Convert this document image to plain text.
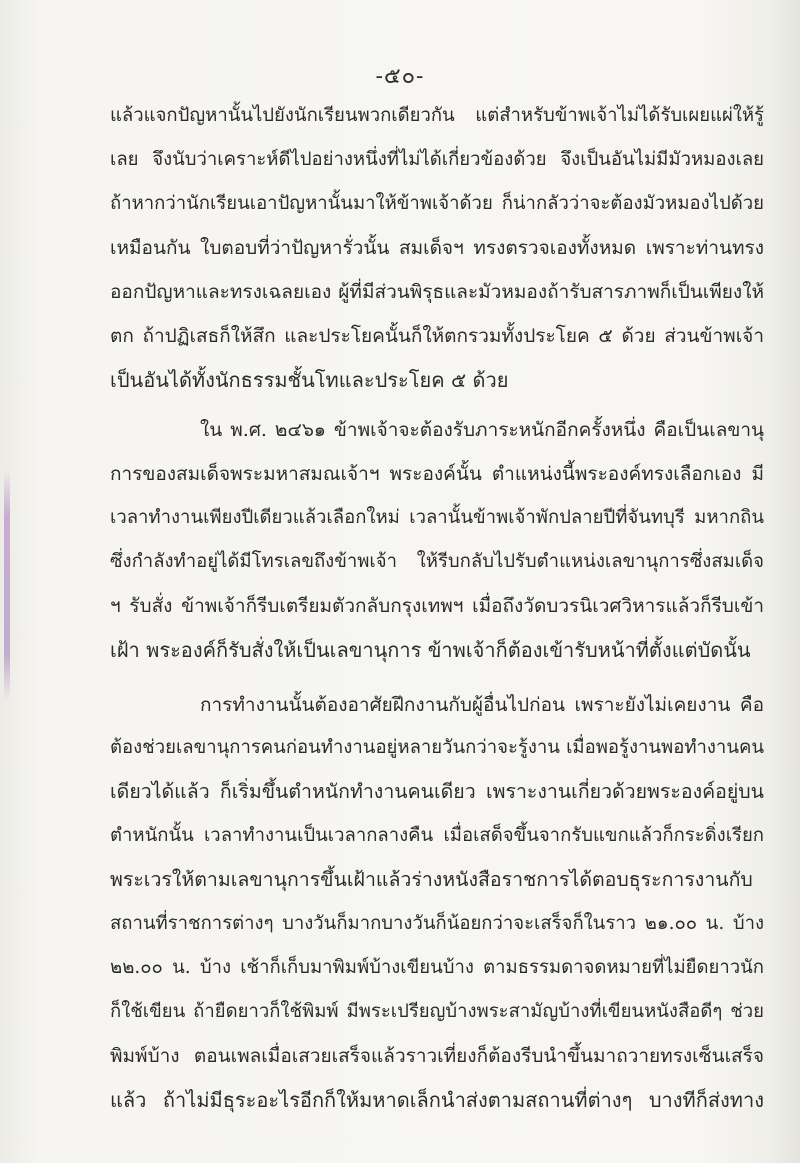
-๕๐-
แล้วแจกปัญหานั้นไปยังนักเรียนพวกเดียวกัน แต่สำหรับข้าพเจ้าไม่ได้รับเผยแผ่ให้รู้
เลย จึงนับว่าเคราะห์ดีไปอย่างหนึ่งที่ไม่ได้เกี่ยวข้องด้วย จึงเป็นอันไม่มีมัวหมองเลย
ถ้าหากว่านักเรียนเอาปัญหานั้นมาให้ข้าพเจ้าด้วย ก็น่ากลัวว่าจะต้องมัวหมองไปด้วย
เหมือนกัน ใบตอบที่ว่าปัญหารั่วนั้น สมเด็จฯ ทรงตรวจเองทั้งหมด เพราะท่านทรง
ออกปัญหาและทรงเฉลยเอง ผู้ที่มีส่วนพิรุธและมัวหมองถ้ารับสารภาพก็เป็นเพียงให้
ตก ถ้าปฏิเสธก็ให้สึก และประโยคนั้นก็ให้ตกรวมทั้งประโยค ๕ ด้วย ส่วนข้าพเจ้า
เป็นอันได้ทั้งนักธรรมชั้นโทและประโยค ๕ ด้วย
ใน พ.ศ. ๒๔๖๑ ข้าพเจ้าจะต้องรับภาระหนักอีกครั้งหนึ่ง คือเป็นเลขานุ
การของสมเด็จพระมหาสมณเจ้าฯ พระองค์นั้น ตำแหน่งนี้พระองค์ทรงเลือกเอง มี
เวลาทำงานเพียงปีเดียวแล้วเลือกใหม่ เวลานั้นข้าพเจ้าพักปลายปีที่จันทบุรี มหากถิน
ซึ่งกำลังทำอยู่ได้มีโทรเลขถึงข้าพเจ้า ให้รีบกลับไปรับตำแหน่งเลขานุการซึ่งสมเด็จ
ฯ รับสั่ง ข้าพเจ้าก็รีบเตรียมตัวกลับกรุงเทพฯ เมื่อถึงวัดบวรนิเวศวิหารแล้วก็รีบเข้า
เฝ้า พระองค์ก็รับสั่งให้เป็นเลขานุการ ข้าพเจ้าก็ต้องเข้ารับหน้าที่ตั้งแต่บัดนั้น
การทำงานนั้นต้องอาศัยฝึกงานกับผู้อื่นไปก่อน เพราะยังไม่เคยงาน คือ
ต้องช่วยเลขานุการคนก่อนทำงานอยู่หลายวันกว่าจะรู้งาน เมื่อพอรู้งานพอทำงานคน
เดียวได้แล้ว ก็เริ่มขึ้นตำหนักทำงานคนเดียว เพราะงานเกี่ยวด้วยพระองค์อยู่บน
ตำหนักนั้น เวลาทำงานเป็นเวลากลางคืน เมื่อเสด็จขึ้นจากรับแขกแล้วก็กระดิ่งเรียก
พระเวรให้ตามเลขานุการขึ้นเฝ้าแล้วร่างหนังสือราชการได้ตอบธุระการงานกับ
สถานที่ราชการต่างๆ บางวันก็มากบางวันก็น้อยกว่าจะเสร็จก็ในราว ๒๑.๐๐ น. บ้าง
๒๒.๐๐ น. บ้าง เช้าก็เก็บมาพิมพ์บ้างเขียนบ้าง ตามธรรมดาจดหมายที่ไม่ยืดยาวนัก
ก็ใช้เขียน ถ้ายืดยาวก็ใช้พิมพ์ มีพระเปรียญบ้างพระสามัญบ้างที่เขียนหนังสือดีๆ ช่วย
พิมพ์บ้าง ตอนเพลเมื่อเสวยเสร็จแล้วราวเที่ยงก็ต้องรีบนำขึ้นมาถวายทรงเซ็นเสร็จ
แล้ว ถ้าไม่มีธุระอะไรอีกก็ให้มหาดเล็กนำส่งตามสถานที่ต่างๆ บางทีก็ส่งทาง
